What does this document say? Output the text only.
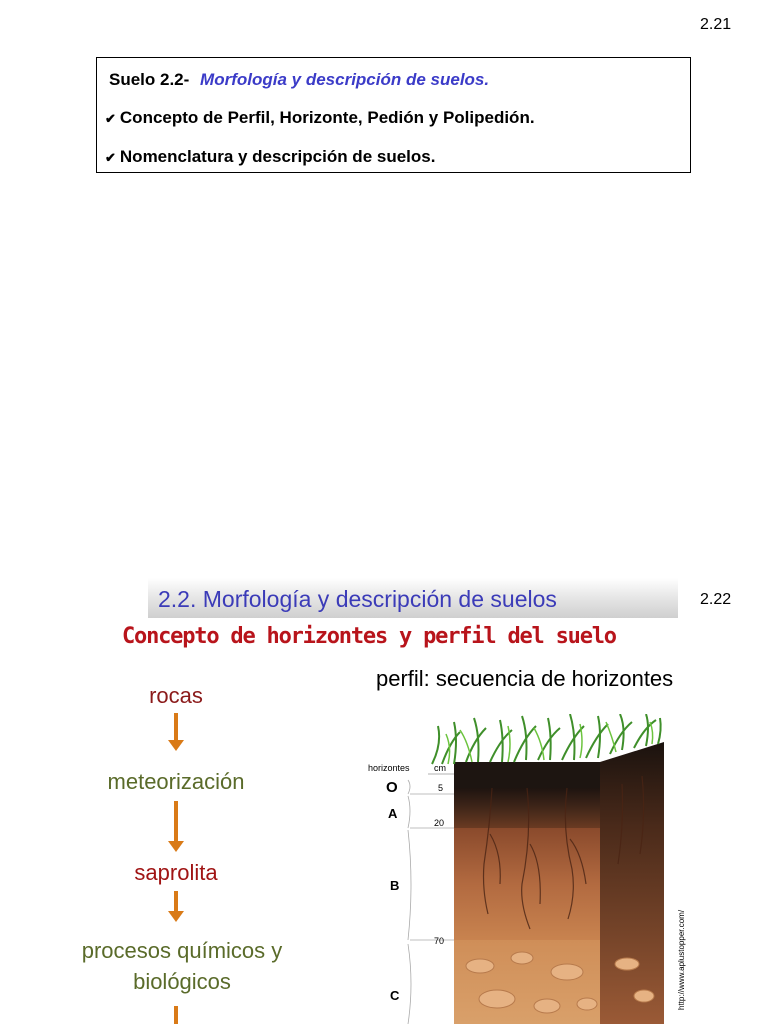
2.21
Suelo 2.2- Morfología y descripción de suelos.
✔ Concepto de Perfil, Horizonte, Pedión y Polipedión.
✔ Nomenclatura y descripción de suelos.
2.2. Morfología y descripción de suelos	2.22
Concepto de horizontes y perfil del suelo
perfil: secuencia de horizontes
rocas
meteorización
saprolita
procesos químicos y biológicos
horizontes	cm
O
A
B
C
5
20
70	http://www.aplustopper.com/
